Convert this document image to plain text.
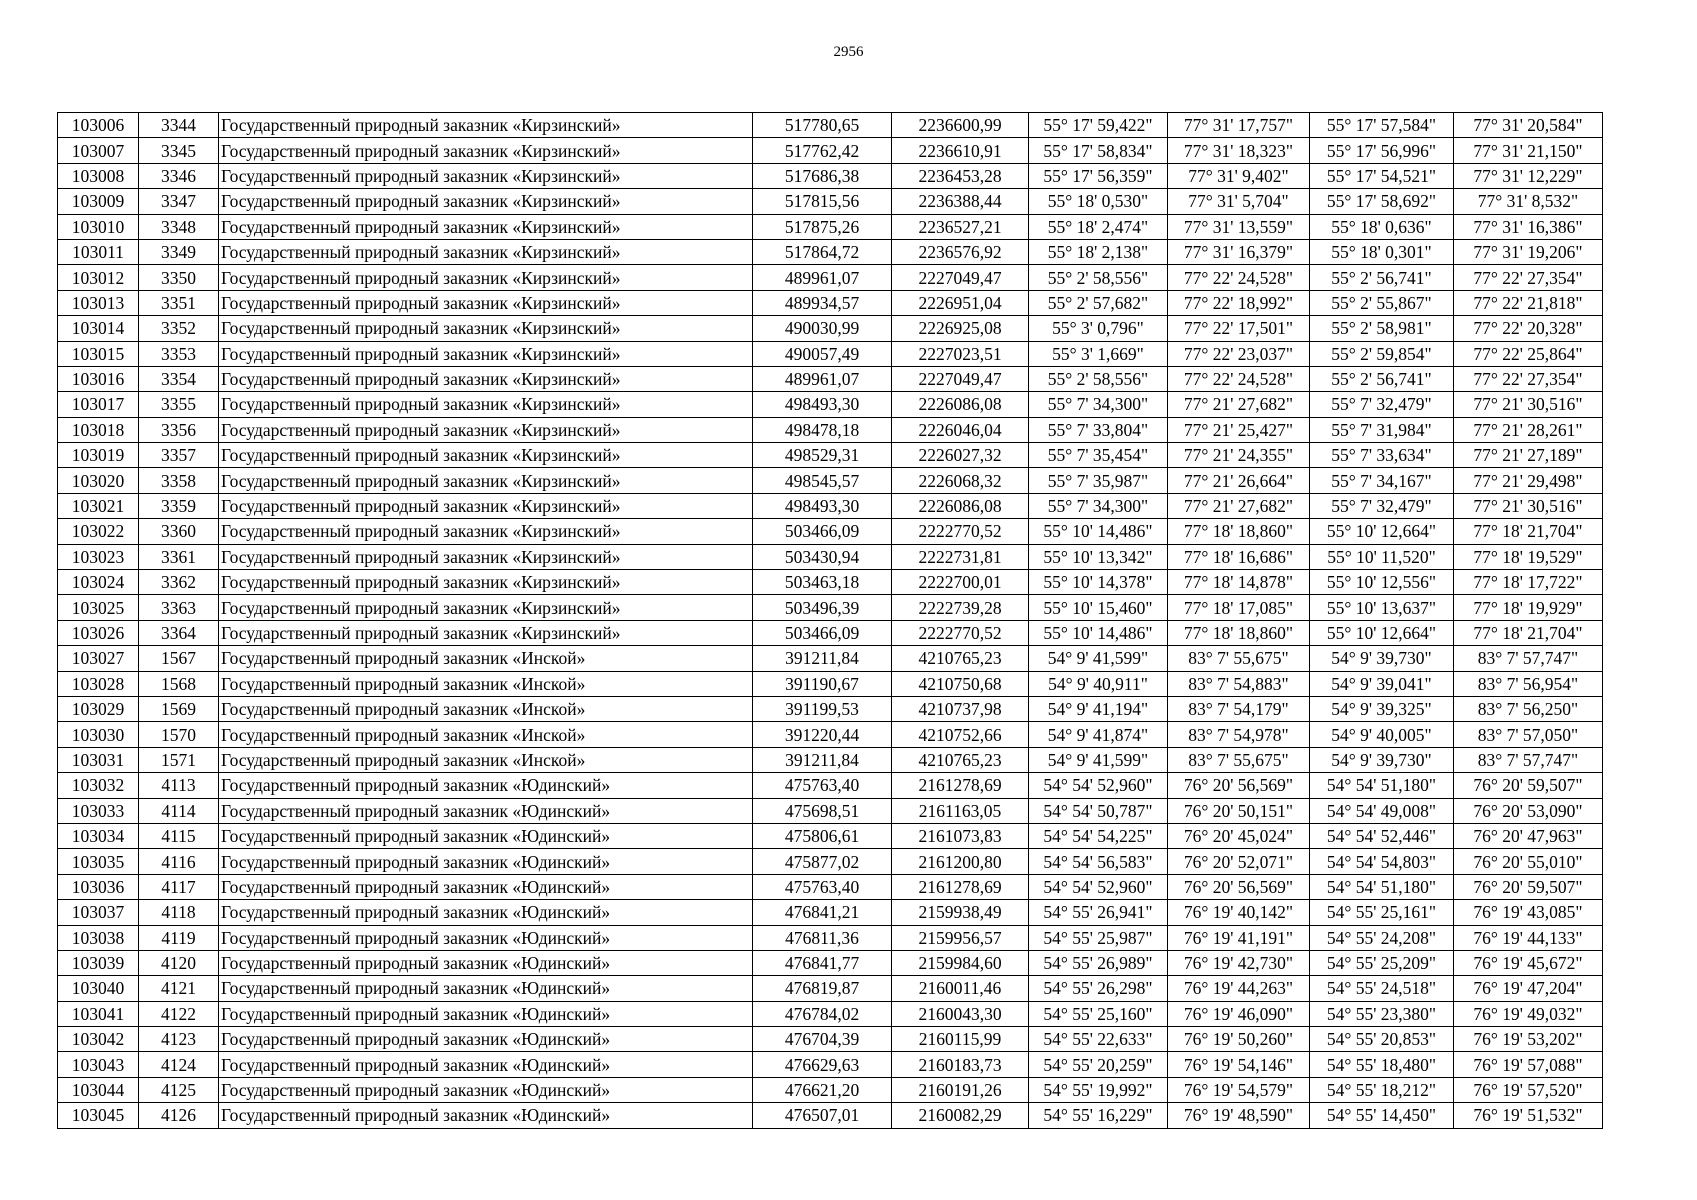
2956
103006	3344	Государственный природный заказник «Кирзинский»	517780,65	2236600,99	55° 17' 59,422"	77° 31' 17,757"	55° 17' 57,584"	77° 31' 20,584"
103007	3345	Государственный природный заказник «Кирзинский»	517762,42	2236610,91	55° 17' 58,834"	77° 31' 18,323"	55° 17' 56,996"	77° 31' 21,150"
103008	3346	Государственный природный заказник «Кирзинский»	517686,38	2236453,28	55° 17' 56,359"	77° 31' 9,402"	55° 17' 54,521"	77° 31' 12,229"
103009	3347	Государственный природный заказник «Кирзинский»	517815,56	2236388,44	55° 18' 0,530"	77° 31' 5,704"	55° 17' 58,692"	77° 31' 8,532"
103010	3348	Государственный природный заказник «Кирзинский»	517875,26	2236527,21	55° 18' 2,474"	77° 31' 13,559"	55° 18' 0,636"	77° 31' 16,386"
103011	3349	Государственный природный заказник «Кирзинский»	517864,72	2236576,92	55° 18' 2,138"	77° 31' 16,379"	55° 18' 0,301"	77° 31' 19,206"
103012	3350	Государственный природный заказник «Кирзинский»	489961,07	2227049,47	55° 2' 58,556"	77° 22' 24,528"	55° 2' 56,741"	77° 22' 27,354"
103013	3351	Государственный природный заказник «Кирзинский»	489934,57	2226951,04	55° 2' 57,682"	77° 22' 18,992"	55° 2' 55,867"	77° 22' 21,818"
103014	3352	Государственный природный заказник «Кирзинский»	490030,99	2226925,08	55° 3' 0,796"	77° 22' 17,501"	55° 2' 58,981"	77° 22' 20,328"
103015	3353	Государственный природный заказник «Кирзинский»	490057,49	2227023,51	55° 3' 1,669"	77° 22' 23,037"	55° 2' 59,854"	77° 22' 25,864"
103016	3354	Государственный природный заказник «Кирзинский»	489961,07	2227049,47	55° 2' 58,556"	77° 22' 24,528"	55° 2' 56,741"	77° 22' 27,354"
103017	3355	Государственный природный заказник «Кирзинский»	498493,30	2226086,08	55° 7' 34,300"	77° 21' 27,682"	55° 7' 32,479"	77° 21' 30,516"
103018	3356	Государственный природный заказник «Кирзинский»	498478,18	2226046,04	55° 7' 33,804"	77° 21' 25,427"	55° 7' 31,984"	77° 21' 28,261"
103019	3357	Государственный природный заказник «Кирзинский»	498529,31	2226027,32	55° 7' 35,454"	77° 21' 24,355"	55° 7' 33,634"	77° 21' 27,189"
103020	3358	Государственный природный заказник «Кирзинский»	498545,57	2226068,32	55° 7' 35,987"	77° 21' 26,664"	55° 7' 34,167"	77° 21' 29,498"
103021	3359	Государственный природный заказник «Кирзинский»	498493,30	2226086,08	55° 7' 34,300"	77° 21' 27,682"	55° 7' 32,479"	77° 21' 30,516"
103022	3360	Государственный природный заказник «Кирзинский»	503466,09	2222770,52	55° 10' 14,486"	77° 18' 18,860"	55° 10' 12,664"	77° 18' 21,704"
103023	3361	Государственный природный заказник «Кирзинский»	503430,94	2222731,81	55° 10' 13,342"	77° 18' 16,686"	55° 10' 11,520"	77° 18' 19,529"
103024	3362	Государственный природный заказник «Кирзинский»	503463,18	2222700,01	55° 10' 14,378"	77° 18' 14,878"	55° 10' 12,556"	77° 18' 17,722"
103025	3363	Государственный природный заказник «Кирзинский»	503496,39	2222739,28	55° 10' 15,460"	77° 18' 17,085"	55° 10' 13,637"	77° 18' 19,929"
103026	3364	Государственный природный заказник «Кирзинский»	503466,09	2222770,52	55° 10' 14,486"	77° 18' 18,860"	55° 10' 12,664"	77° 18' 21,704"
103027	1567	Государственный природный заказник «Инской»	391211,84	4210765,23	54° 9' 41,599"	83° 7' 55,675"	54° 9' 39,730"	83° 7' 57,747"
103028	1568	Государственный природный заказник «Инской»	391190,67	4210750,68	54° 9' 40,911"	83° 7' 54,883"	54° 9' 39,041"	83° 7' 56,954"
103029	1569	Государственный природный заказник «Инской»	391199,53	4210737,98	54° 9' 41,194"	83° 7' 54,179"	54° 9' 39,325"	83° 7' 56,250"
103030	1570	Государственный природный заказник «Инской»	391220,44	4210752,66	54° 9' 41,874"	83° 7' 54,978"	54° 9' 40,005"	83° 7' 57,050"
103031	1571	Государственный природный заказник «Инской»	391211,84	4210765,23	54° 9' 41,599"	83° 7' 55,675"	54° 9' 39,730"	83° 7' 57,747"
103032	4113	Государственный природный заказник «Юдинский»	475763,40	2161278,69	54° 54' 52,960"	76° 20' 56,569"	54° 54' 51,180"	76° 20' 59,507"
103033	4114	Государственный природный заказник «Юдинский»	475698,51	2161163,05	54° 54' 50,787"	76° 20' 50,151"	54° 54' 49,008"	76° 20' 53,090"
103034	4115	Государственный природный заказник «Юдинский»	475806,61	2161073,83	54° 54' 54,225"	76° 20' 45,024"	54° 54' 52,446"	76° 20' 47,963"
103035	4116	Государственный природный заказник «Юдинский»	475877,02	2161200,80	54° 54' 56,583"	76° 20' 52,071"	54° 54' 54,803"	76° 20' 55,010"
103036	4117	Государственный природный заказник «Юдинский»	475763,40	2161278,69	54° 54' 52,960"	76° 20' 56,569"	54° 54' 51,180"	76° 20' 59,507"
103037	4118	Государственный природный заказник «Юдинский»	476841,21	2159938,49	54° 55' 26,941"	76° 19' 40,142"	54° 55' 25,161"	76° 19' 43,085"
103038	4119	Государственный природный заказник «Юдинский»	476811,36	2159956,57	54° 55' 25,987"	76° 19' 41,191"	54° 55' 24,208"	76° 19' 44,133"
103039	4120	Государственный природный заказник «Юдинский»	476841,77	2159984,60	54° 55' 26,989"	76° 19' 42,730"	54° 55' 25,209"	76° 19' 45,672"
103040	4121	Государственный природный заказник «Юдинский»	476819,87	2160011,46	54° 55' 26,298"	76° 19' 44,263"	54° 55' 24,518"	76° 19' 47,204"
103041	4122	Государственный природный заказник «Юдинский»	476784,02	2160043,30	54° 55' 25,160"	76° 19' 46,090"	54° 55' 23,380"	76° 19' 49,032"
103042	4123	Государственный природный заказник «Юдинский»	476704,39	2160115,99	54° 55' 22,633"	76° 19' 50,260"	54° 55' 20,853"	76° 19' 53,202"
103043	4124	Государственный природный заказник «Юдинский»	476629,63	2160183,73	54° 55' 20,259"	76° 19' 54,146"	54° 55' 18,480"	76° 19' 57,088"
103044	4125	Государственный природный заказник «Юдинский»	476621,20	2160191,26	54° 55' 19,992"	76° 19' 54,579"	54° 55' 18,212"	76° 19' 57,520"
103045	4126	Государственный природный заказник «Юдинский»	476507,01	2160082,29	54° 55' 16,229"	76° 19' 48,590"	54° 55' 14,450"	76° 19' 51,532"
